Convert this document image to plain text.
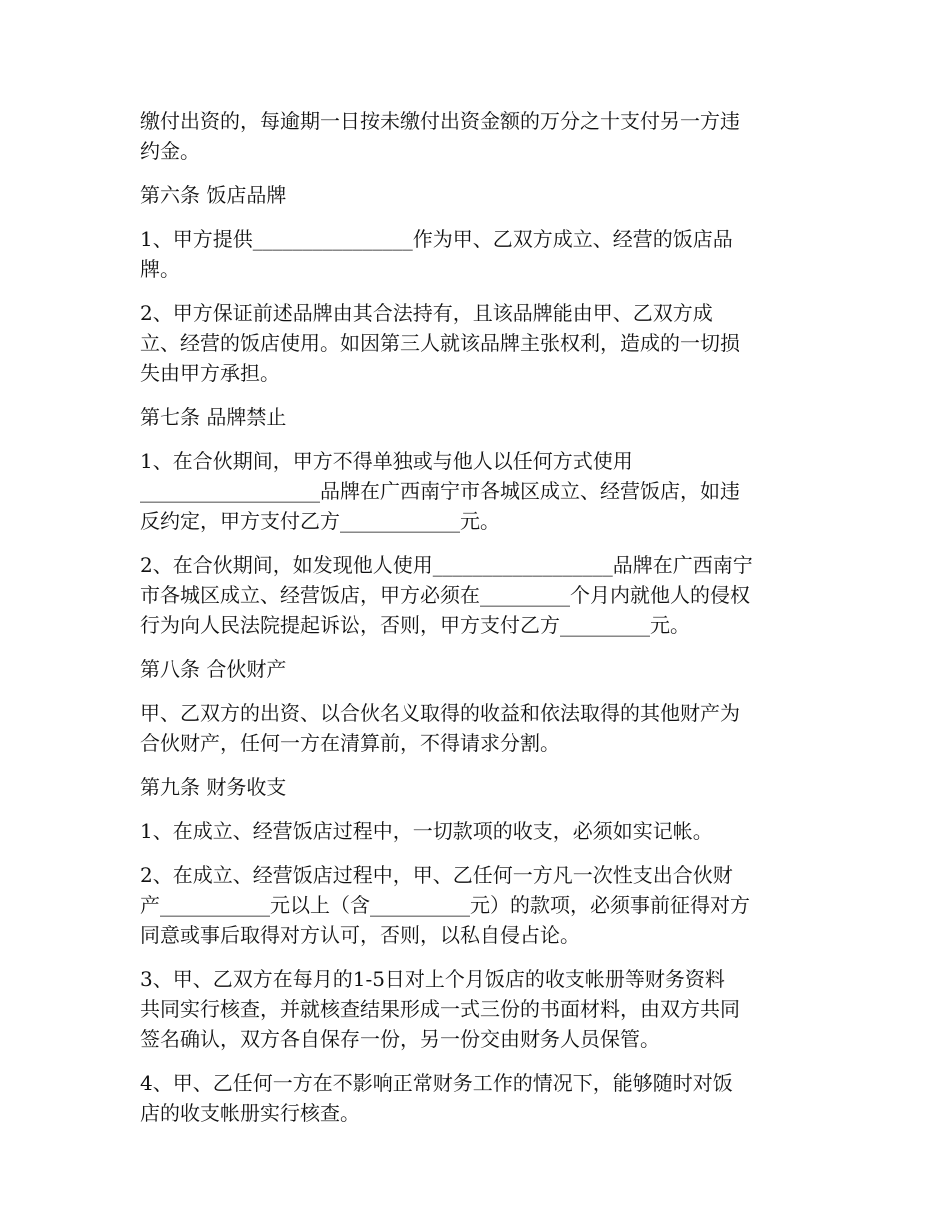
缴付出资的，每逾期一日按未缴付出资金额的万分之十支付另一方违
约金。
第六条 饭店品牌
1、甲方提供________________作为甲、乙双方成立、经营的饭店品
牌。
2、甲方保证前述品牌由其合法持有，且该品牌能由甲、乙双方成
立、经营的饭店使用。如因第三人就该品牌主张权利，造成的一切损
失由甲方承担。
第七条 品牌禁止
1、在合伙期间，甲方不得单独或与他人以任何方式使用
__________________品牌在广西南宁市各城区成立、经营饭店，如违
反约定，甲方支付乙方____________元。
2、在合伙期间，如发现他人使用__________________品牌在广西南宁
市各城区成立、经营饭店，甲方必须在_________个月内就他人的侵权
行为向人民法院提起诉讼，否则，甲方支付乙方_________元。
第八条 合伙财产
甲、乙双方的出资、以合伙名义取得的收益和依法取得的其他财产为
合伙财产，任何一方在清算前，不得请求分割。
第九条 财务收支
1、在成立、经营饭店过程中，一切款项的收支，必须如实记帐。
2、在成立、经营饭店过程中，甲、乙任何一方凡一次性支出合伙财
产___________元以上（含__________元）的款项，必须事前征得对方
同意或事后取得对方认可，否则，以私自侵占论。
3、甲、乙双方在每月的1-5日对上个月饭店的收支帐册等财务资料
共同实行核查，并就核查结果形成一式三份的书面材料，由双方共同
签名确认，双方各自保存一份，另一份交由财务人员保管。
4、甲、乙任何一方在不影响正常财务工作的情况下，能够随时对饭
店的收支帐册实行核查。
